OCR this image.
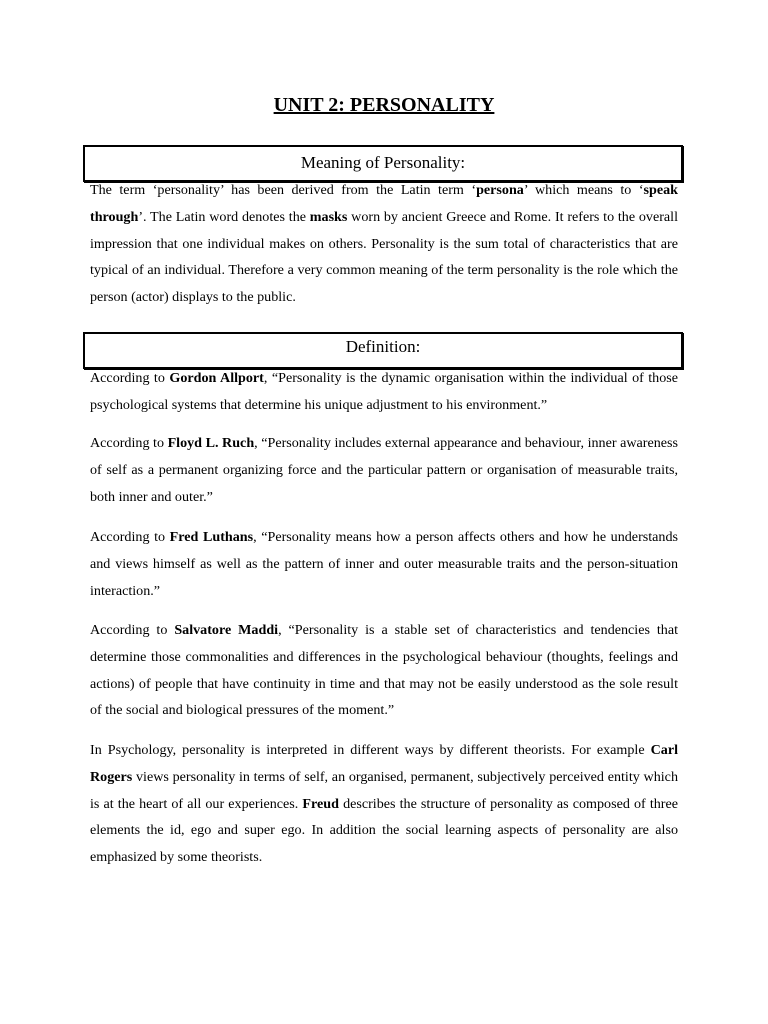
UNIT 2: PERSONALITY
Meaning of Personality:

The term ‘personality’ has been derived from the Latin term ‘persona’ which means to ‘speak through’. The Latin word denotes the masks worn by ancient Greece and Rome. It refers to the overall impression that one individual makes on others. Personality is the sum total of characteristics that are typical of an individual. Therefore a very common meaning of the term personality is the role which the person (actor) displays to the public.

Definition:

According to Gordon Allport, “Personality is the dynamic organisation within the individual of those psychological systems that determine his unique adjustment to his environment.”

According to Floyd L. Ruch, “Personality includes external appearance and behaviour, inner awareness of self as a permanent organizing force and the particular pattern or organisation of measurable traits, both inner and outer.”

According to Fred Luthans, “Personality means how a person affects others and how he understands and views himself as well as the pattern of inner and outer measurable traits and the person-situation interaction.”

According to Salvatore Maddi, “Personality is a stable set of characteristics and tendencies that determine those commonalities and differences in the psychological behaviour (thoughts, feelings and actions) of people that have continuity in time and that may not be easily understood as the sole result of the social and biological pressures of the moment.”

In Psychology, personality is interpreted in different ways by different theorists. For example Carl Rogers views personality in terms of self, an organised, permanent, subjectively perceived entity which is at the heart of all our experiences. Freud describes the structure of personality as composed of three elements the id, ego and super ego. In addition the social learning aspects of personality are also emphasized by some theorists.
